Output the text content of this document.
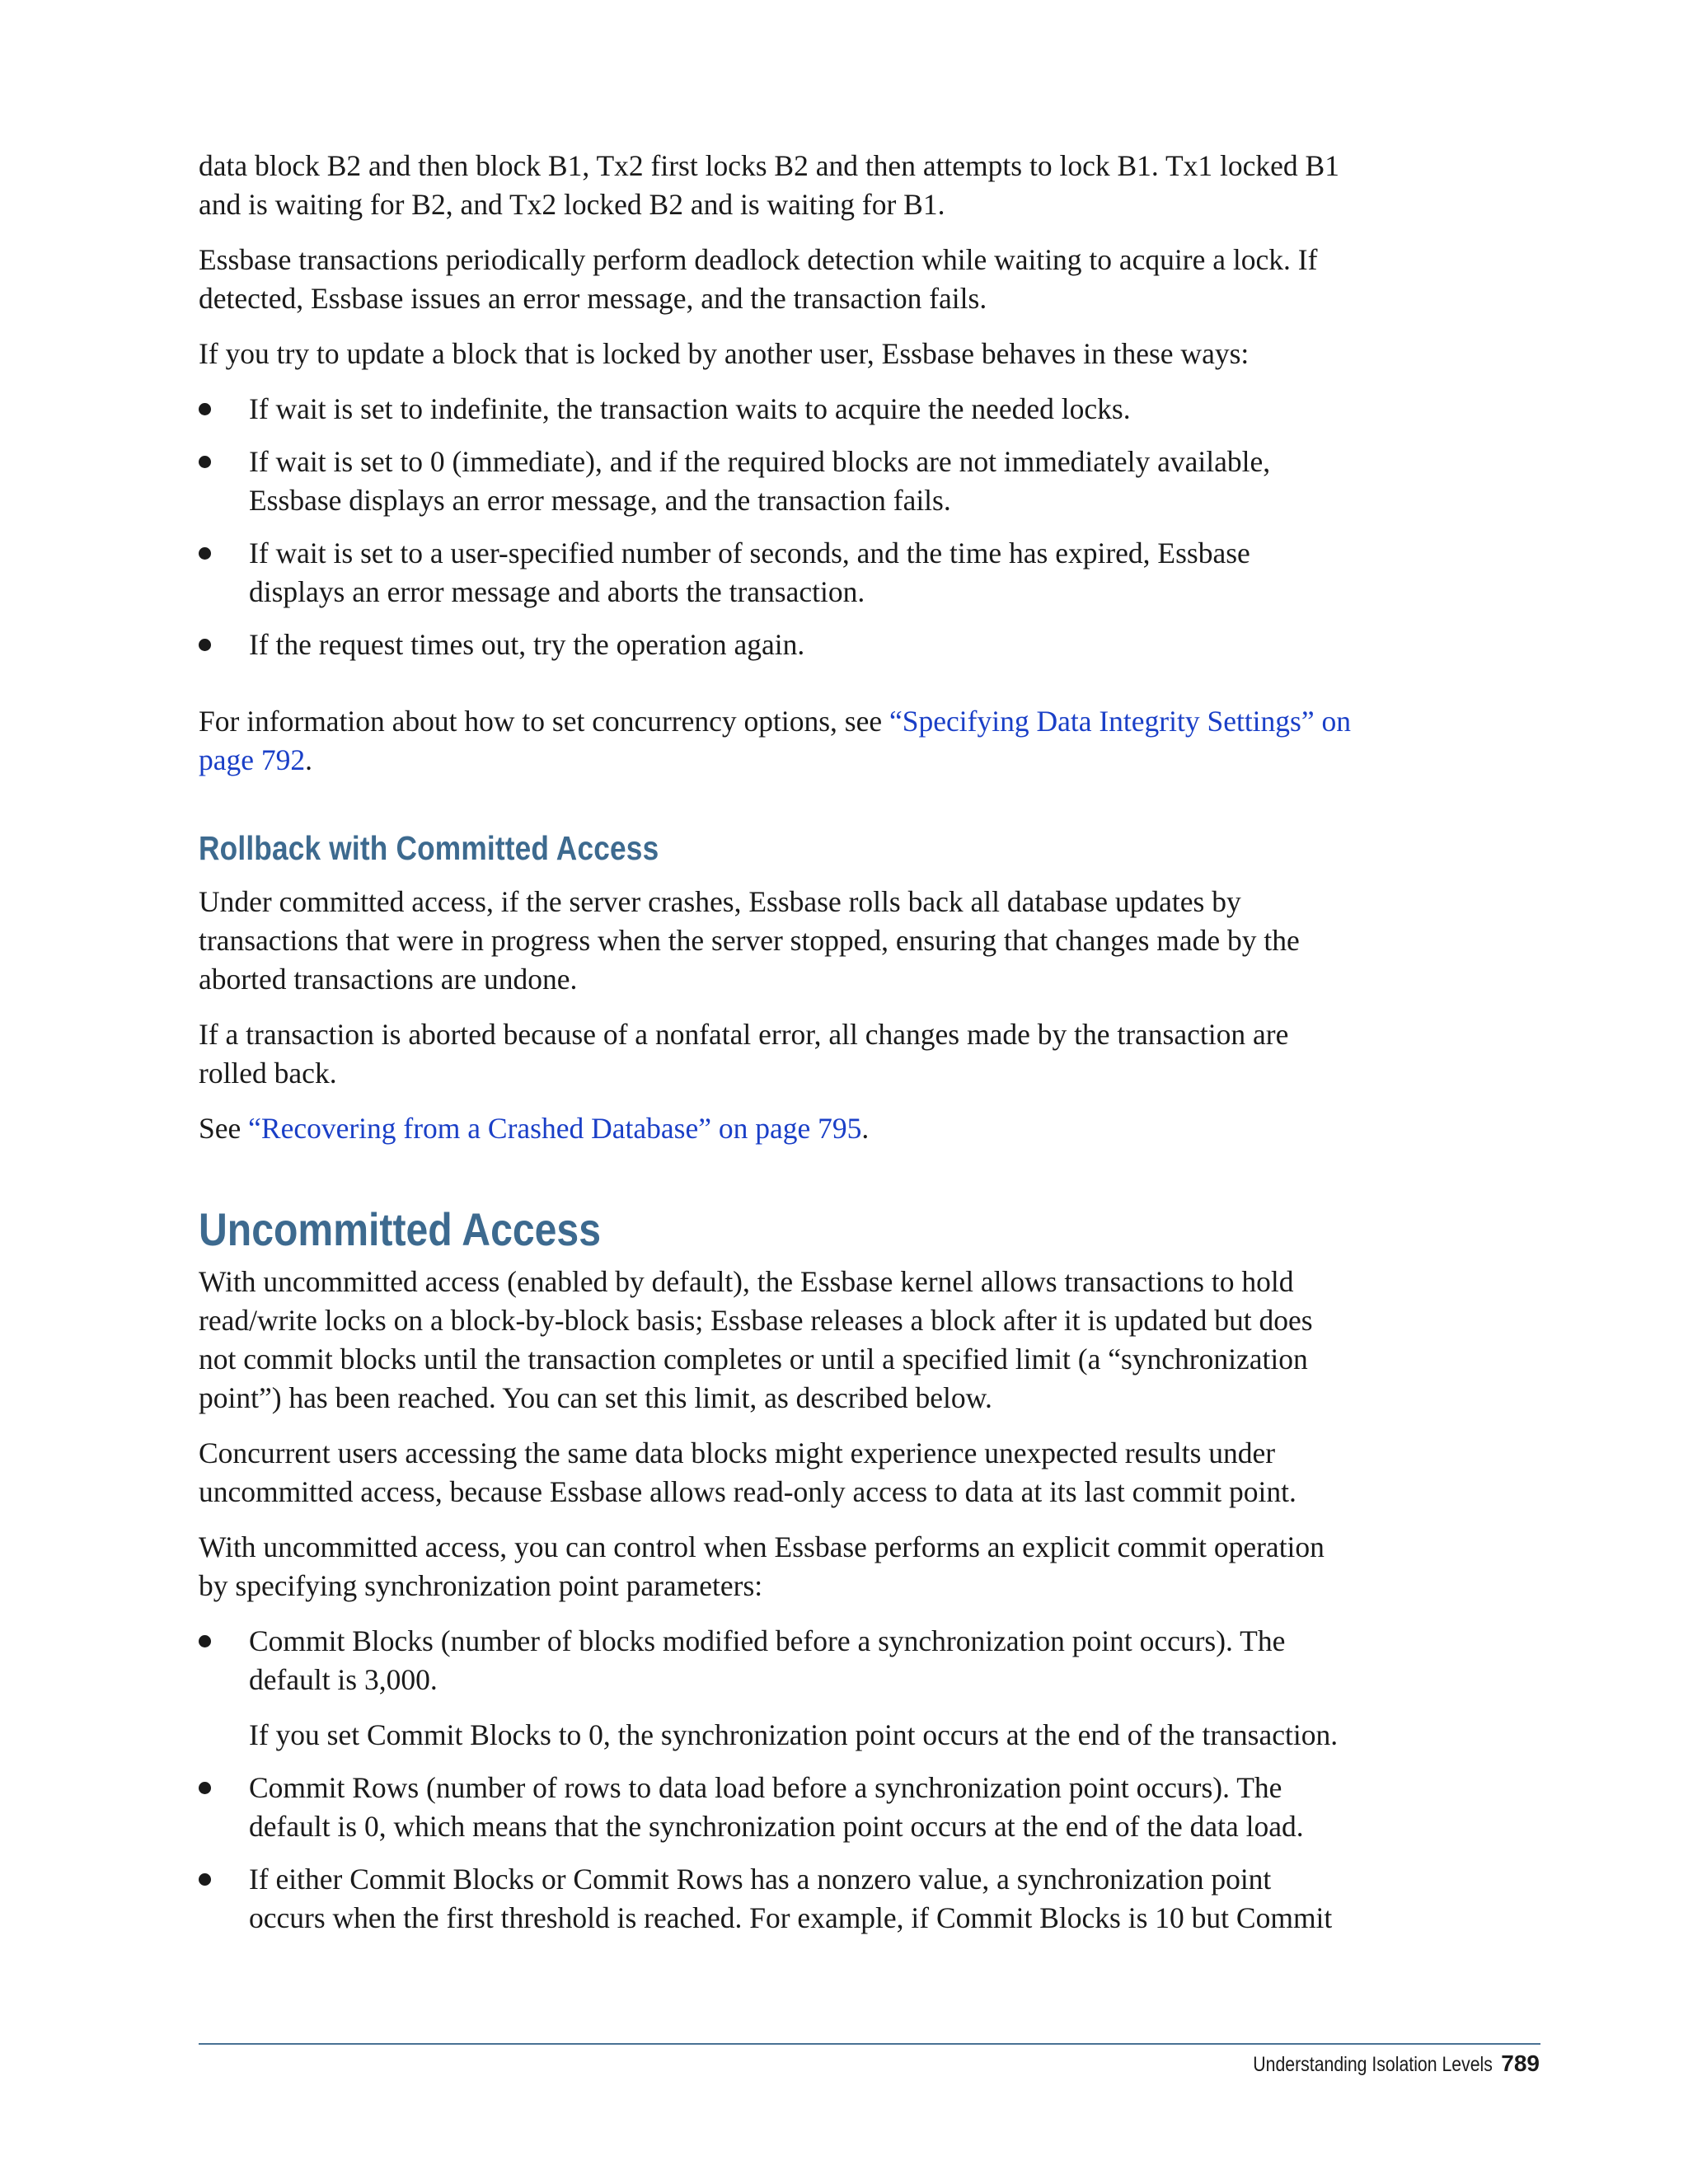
data block B2 and then block B1, Tx2 first locks B2 and then attempts to lock B1. Tx1 locked B1 and is waiting for B2, and Tx2 locked B2 and is waiting for B1.

Essbase transactions periodically perform deadlock detection while waiting to acquire a lock. If detected, Essbase issues an error message, and the transaction fails.

If you try to update a block that is locked by another user, Essbase behaves in these ways:

If wait is set to indefinite, the transaction waits to acquire the needed locks.
If wait is set to 0 (immediate), and if the required blocks are not immediately available, Essbase displays an error message, and the transaction fails.
If wait is set to a user-specified number of seconds, and the time has expired, Essbase displays an error message and aborts the transaction.
If the request times out, try the operation again.

For information about how to set concurrency options, see “Specifying Data Integrity Settings” on page 792.

Rollback with Committed Access

Under committed access, if the server crashes, Essbase rolls back all database updates by transactions that were in progress when the server stopped, ensuring that changes made by the aborted transactions are undone.

If a transaction is aborted because of a nonfatal error, all changes made by the transaction are rolled back.

See “Recovering from a Crashed Database” on page 795.

Uncommitted Access

With uncommitted access (enabled by default), the Essbase kernel allows transactions to hold read/write locks on a block-by-block basis; Essbase releases a block after it is updated but does not commit blocks until the transaction completes or until a specified limit (a “synchronization point”) has been reached. You can set this limit, as described below.

Concurrent users accessing the same data blocks might experience unexpected results under uncommitted access, because Essbase allows read-only access to data at its last commit point.

With uncommitted access, you can control when Essbase performs an explicit commit operation by specifying synchronization point parameters:

Commit Blocks (number of blocks modified before a synchronization point occurs). The default is 3,000.
If you set Commit Blocks to 0, the synchronization point occurs at the end of the transaction.
Commit Rows (number of rows to data load before a synchronization point occurs). The default is 0, which means that the synchronization point occurs at the end of the data load.
If either Commit Blocks or Commit Rows has a nonzero value, a synchronization point occurs when the first threshold is reached. For example, if Commit Blocks is 10 but Commit
Understanding Isolation Levels 789
